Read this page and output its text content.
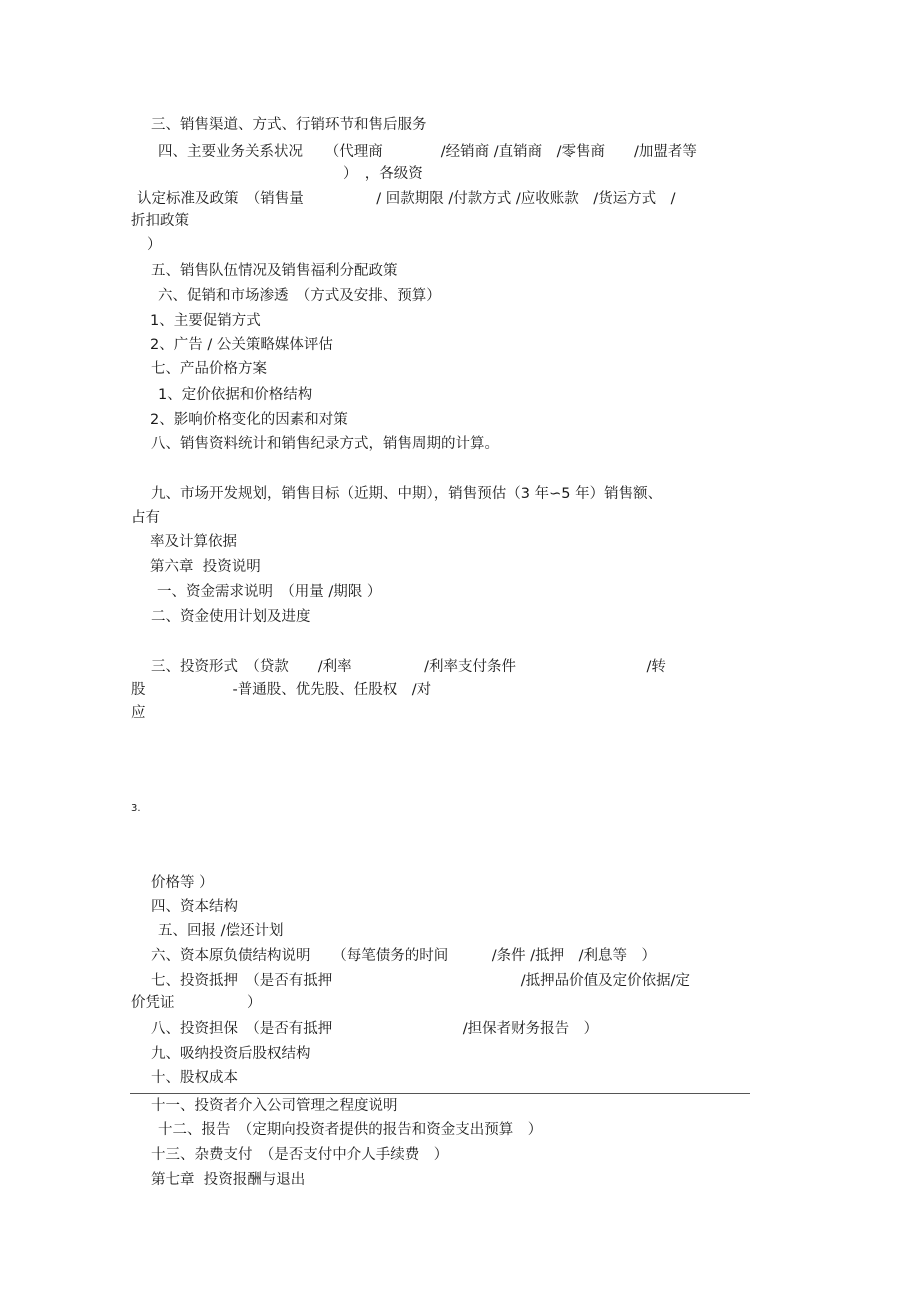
三、销售渠道、方式、行销环节和售后服务
四、主要业务关系状况　　（代理商　　　　/经销商 /直销商　/零售商　　/加盟者等
）　，各级资
认定标准及政策　（销售量　　　　　/ 回款期限 /付款方式 /应收账款　/货运方式　/
折扣政策
）
五、销售队伍情况及销售福利分配政策
六、促销和市场渗透　（方式及安排、预算）
1、主要促销方式
2、广告 / 公关策略媒体评估
七、产品价格方案
1、定价依据和价格结构
2、影响价格变化的因素和对策
八、销售资料统计和销售纪录方式，销售周期的计算。
九、市场开发规划，销售目标（近期、中期），销售预估（3 年∽5 年）销售额、
占有
率及计算依据
第六章  投资说明
一、资金需求说明　（用量 /期限 ）
二、资金使用计划及进度
三、投资形式　（贷款　　/利率　　　　　/利率支付条件　　　　　　　　　/转
股　　　　　　-普通股、优先股、任股权　/对
应
3.
价格等 ）
四、资本结构
五、回报 /偿还计划
六、资本原负债结构说明　　（每笔债务的时间　　　/条件 /抵押　/利息等　）
七、投资抵押　（是否有抵押　　　　　　　　　　　　　/抵押品价值及定价依据/定
价凭证　　　　　）
八、投资担保　（是否有抵押　　　　　　　　　/担保者财务报告　）
九、吸纳投资后股权结构
十、股权成本
十一、投资者介入公司管理之程度说明
十二、报告　（定期向投资者提供的报告和资金支出预算　）
十三、杂费支付　（是否支付中介人手续费　）
第七章  投资报酬与退出
